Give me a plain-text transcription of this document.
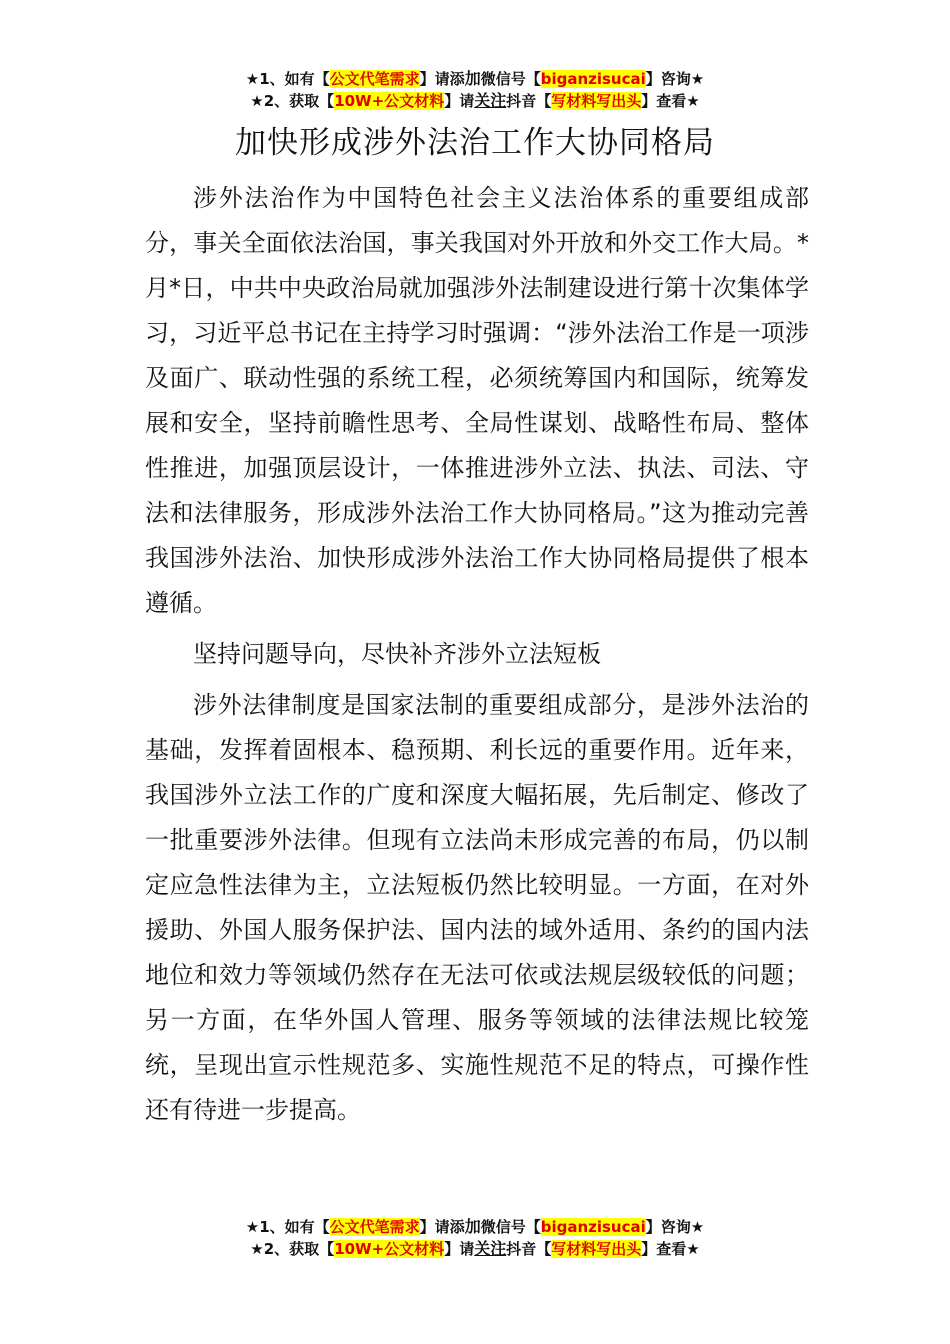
★1、如有【公文代笔需求】请添加微信号【biganzisucai】咨询★
★2、获取【10W+公文材料】请关注抖音【写材料写出头】查看★
加快形成涉外法治工作大协同格局

涉外法治作为中国特色社会主义法治体系的重要组成部分，事关全面依法治国，事关我国对外开放和外交工作大局。*月*日，中共中央政治局就加强涉外法制建设进行第十次集体学习，习近平总书记在主持学习时强调：“涉外法治工作是一项涉及面广、联动性强的系统工程，必须统筹国内和国际，统筹发展和安全，坚持前瞻性思考、全局性谋划、战略性布局、整体性推进，加强顶层设计，一体推进涉外立法、执法、司法、守法和法律服务，形成涉外法治工作大协同格局。”这为推动完善我国涉外法治、加快形成涉外法治工作大协同格局提供了根本遵循。

坚持问题导向，尽快补齐涉外立法短板

涉外法律制度是国家法制的重要组成部分，是涉外法治的基础，发挥着固根本、稳预期、利长远的重要作用。近年来，我国涉外立法工作的广度和深度大幅拓展，先后制定、修改了一批重要涉外法律。但现有立法尚未形成完善的布局，仍以制定应急性法律为主，立法短板仍然比较明显。一方面，在对外援助、外国人服务保护法、国内法的域外适用、条约的国内法地位和效力等领域仍然存在无法可依或法规层级较低的问题；另一方面，在华外国人管理、服务等领域的法律法规比较笼统，呈现出宣示性规范多、实施性规范不足的特点，可操作性还有待进一步提高。

★1、如有【公文代笔需求】请添加微信号【biganzisucai】咨询★
★2、获取【10W+公文材料】请关注抖音【写材料写出头】查看★
